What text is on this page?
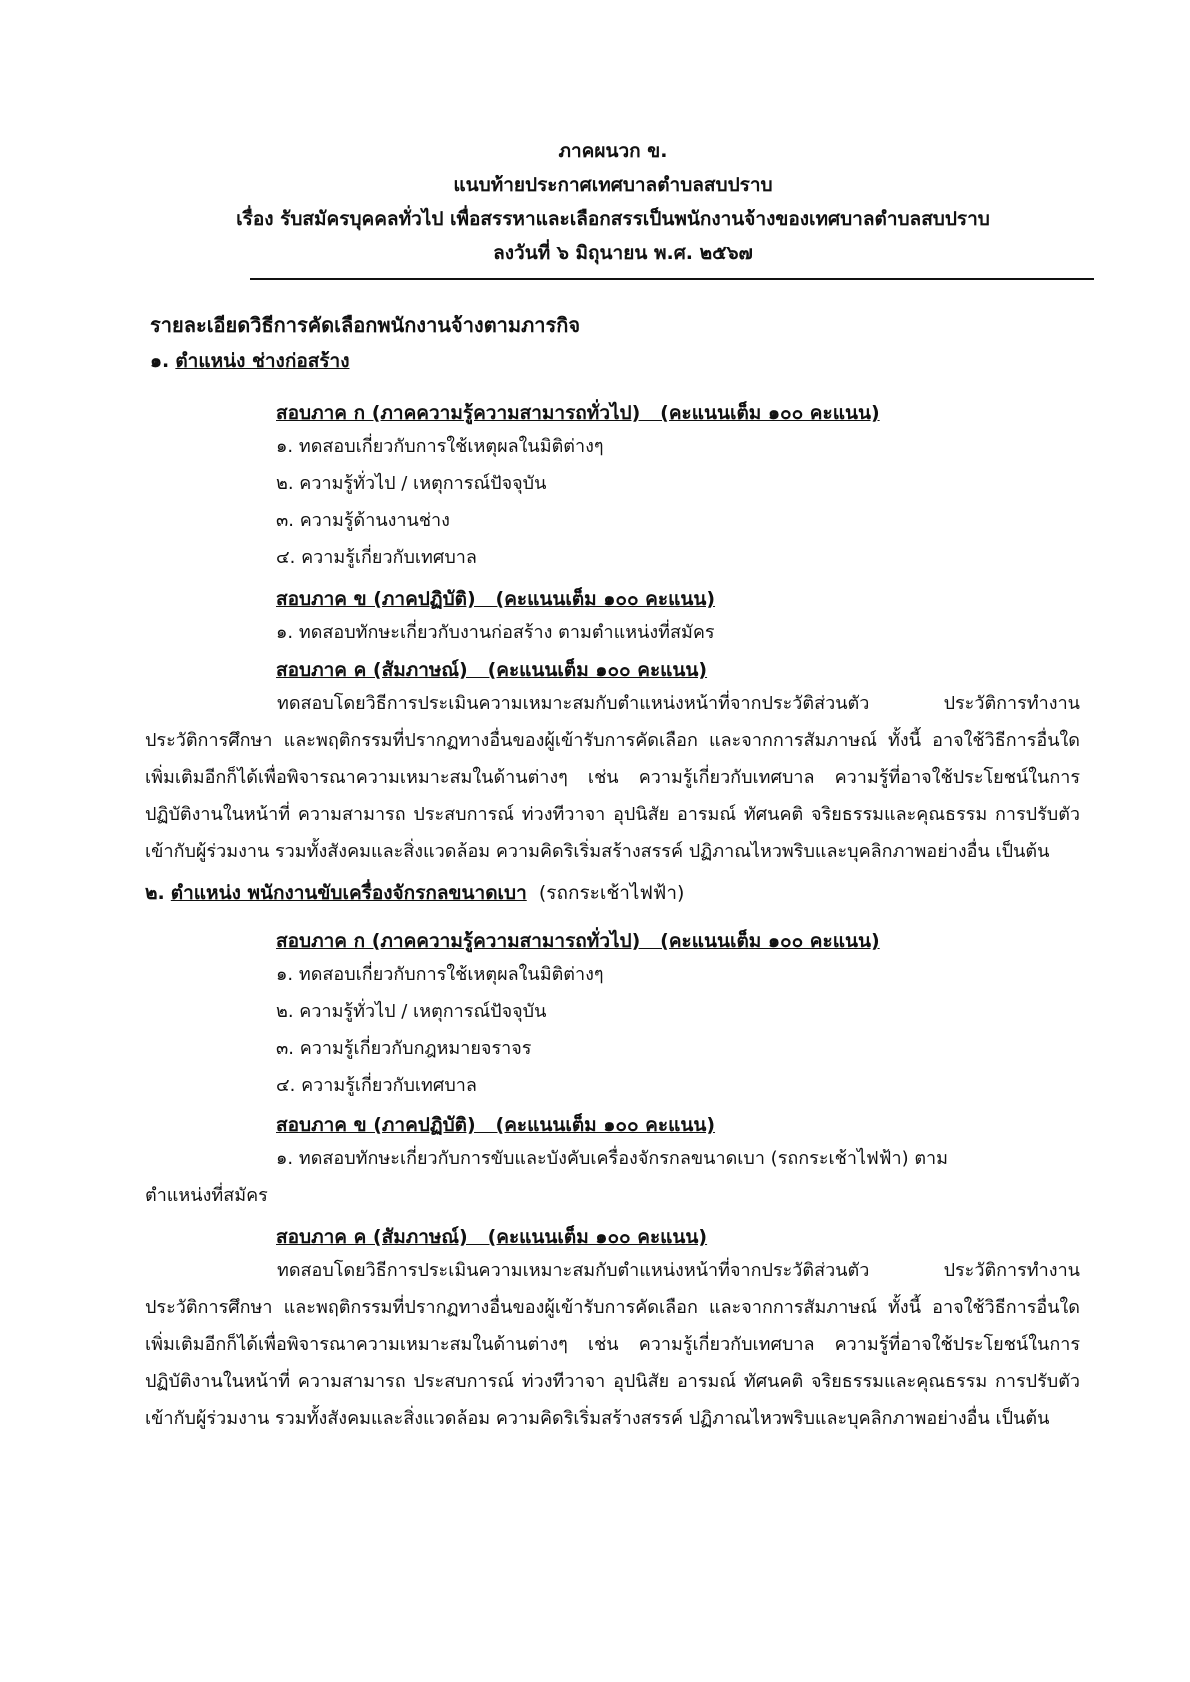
ภาคผนวก ข.
แนบท้ายประกาศเทศบาลตำบลสบปราบ
เรื่อง รับสมัครบุคคลทั่วไป เพื่อสรรหาและเลือกสรรเป็นพนักงานจ้างของเทศบาลตำบลสบปราบ
ลงวันที่ ๖ มิถุนายน พ.ศ. ๒๕๖๗
รายละเอียดวิธีการคัดเลือกพนักงานจ้างตามภารกิจ
๑. ตำแหน่ง ช่างก่อสร้าง
สอบภาค ก (ภาคความรู้ความสามารถทั่วไป)   (คะแนนเต็ม ๑๐๐ คะแนน)
๑. ทดสอบเกี่ยวกับการใช้เหตุผลในมิติต่างๆ
๒. ความรู้ทั่วไป / เหตุการณ์ปัจจุบัน
๓. ความรู้ด้านงานช่าง
๔. ความรู้เกี่ยวกับเทศบาล
สอบภาค ข (ภาคปฏิบัติ)   (คะแนนเต็ม ๑๐๐ คะแนน)
๑. ทดสอบทักษะเกี่ยวกับงานก่อสร้าง ตามตำแหน่งที่สมัคร
สอบภาค ค (สัมภาษณ์)   (คะแนนเต็ม ๑๐๐ คะแนน)
ทดสอบโดยวิธีการประเมินความเหมาะสมกับตำแหน่งหน้าที่จากประวัติส่วนตัว ประวัติการทำงาน ประวัติการศึกษา และพฤติกรรมที่ปรากฏทางอื่นของผู้เข้ารับการคัดเลือก และจากการสัมภาษณ์ ทั้งนี้ อาจใช้วิธีการอื่นใดเพิ่มเติมอีกก็ได้เพื่อพิจารณาความเหมาะสมในด้านต่างๆ เช่น ความรู้เกี่ยวกับเทศบาล ความรู้ที่อาจใช้ประโยชน์ในการปฏิบัติงานในหน้าที่ ความสามารถ ประสบการณ์ ท่วงทีวาจา อุปนิสัย อารมณ์ ทัศนคติ จริยธรรมและคุณธรรม การปรับตัวเข้ากับผู้ร่วมงาน รวมทั้งสังคมและสิ่งแวดล้อม ความคิดริเริ่มสร้างสรรค์ ปฏิภาณไหวพริบและบุคลิกภาพอย่างอื่น เป็นต้น
๒. ตำแหน่ง พนักงานขับเครื่องจักรกลขนาดเบา  (รถกระเช้าไฟฟ้า)
สอบภาค ก (ภาคความรู้ความสามารถทั่วไป)   (คะแนนเต็ม ๑๐๐ คะแนน)
๑. ทดสอบเกี่ยวกับการใช้เหตุผลในมิติต่างๆ
๒. ความรู้ทั่วไป / เหตุการณ์ปัจจุบัน
๓. ความรู้เกี่ยวกับกฎหมายจราจร
๔. ความรู้เกี่ยวกับเทศบาล
สอบภาค ข (ภาคปฏิบัติ)   (คะแนนเต็ม ๑๐๐ คะแนน)
๑. ทดสอบทักษะเกี่ยวกับการขับและบังคับเครื่องจักรกลขนาดเบา (รถกระเช้าไฟฟ้า) ตาม
ตำแหน่งที่สมัคร
สอบภาค ค (สัมภาษณ์)   (คะแนนเต็ม ๑๐๐ คะแนน)
ทดสอบโดยวิธีการประเมินความเหมาะสมกับตำแหน่งหน้าที่จากประวัติส่วนตัว ประวัติการทำงาน ประวัติการศึกษา และพฤติกรรมที่ปรากฏทางอื่นของผู้เข้ารับการคัดเลือก และจากการสัมภาษณ์ ทั้งนี้ อาจใช้วิธีการอื่นใดเพิ่มเติมอีกก็ได้เพื่อพิจารณาความเหมาะสมในด้านต่างๆ เช่น ความรู้เกี่ยวกับเทศบาล ความรู้ที่อาจใช้ประโยชน์ในการปฏิบัติงานในหน้าที่ ความสามารถ ประสบการณ์ ท่วงทีวาจา อุปนิสัย อารมณ์ ทัศนคติ จริยธรรมและคุณธรรม การปรับตัวเข้ากับผู้ร่วมงาน รวมทั้งสังคมและสิ่งแวดล้อม ความคิดริเริ่มสร้างสรรค์ ปฏิภาณไหวพริบและบุคลิกภาพอย่างอื่น เป็นต้น
